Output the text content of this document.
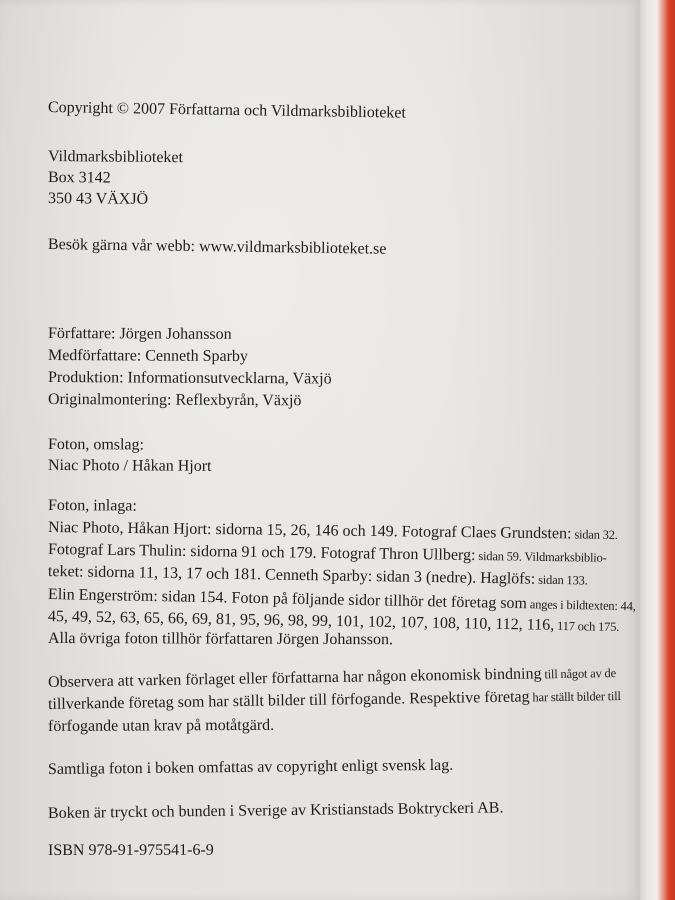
Copyright © 2007 Författarna och Vildmarksbiblioteket
Vildmarksbiblioteket
Box 3142
350 43 VÄXJÖ
Besök gärna vår webb: www.vildmarksbiblioteket.se
Författare: Jörgen Johansson
Medförfattare: Cenneth Sparby
Produktion: Informationsutvecklarna, Växjö
Originalmontering: Reflexbyrån, Växjö
Foton, omslag:
Niac Photo / Håkan Hjort
Foton, inlaga:
Niac Photo, Håkan Hjort: sidorna 15, 26, 146 och 149. Fotograf Claes Grundsten: sidan 32.
Fotograf Lars Thulin: sidorna 91 och 179. Fotograf Thron Ullberg: sidan 59. Vildmarksbiblio-
teket: sidorna 11, 13, 17 och 181. Cenneth Sparby: sidan 3 (nedre). Haglöfs: sidan 133.
Elin Engerström: sidan 154. Foton på följande sidor tillhör det företag som anges i bildtexten: 44,
45, 49, 52, 63, 65, 66, 69, 81, 95, 96, 98, 99, 101, 102, 107, 108, 110, 112, 116, 117 och 175.
Alla övriga foton tillhör författaren Jörgen Johansson.
Observera att varken förlaget eller författarna har någon ekonomisk bindning till något av de
tillverkande företag som har ställt bilder till förfogande. Respektive företag har ställt bilder till
förfogande utan krav på motåtgärd.
Samtliga foton i boken omfattas av copyright enligt svensk lag.
Boken är tryckt och bunden i Sverige av Kristianstads Boktryckeri AB.
ISBN 978-91-975541-6-9
